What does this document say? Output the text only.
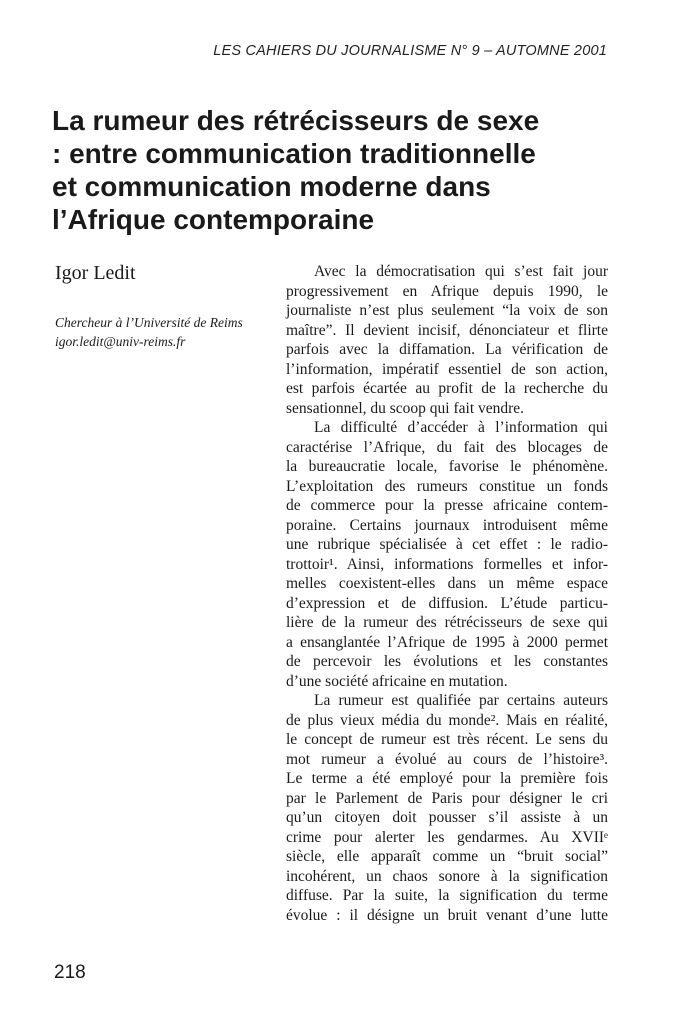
LES CAHIERS DU JOURNALISME N° 9 – AUTOMNE 2001
La rumeur des rétrécisseurs de sexe
: entre communication traditionnelle
et communication moderne dans
l’Afrique contemporaine
Igor Ledit
Chercheur à l’Université de Reims
igor.ledit@univ-reims.fr
Avec la démocratisation qui s’est fait jour
progressivement en Afrique depuis 1990, le
journaliste n’est plus seulement “la voix de son
maître”. Il devient incisif, dénonciateur et flirte
parfois avec la diffamation. La vérification de
l’information, impératif essentiel de son action,
est parfois écartée au profit de la recherche du
sensationnel, du scoop qui fait vendre.
La difficulté d’accéder à l’information qui
caractérise l’Afrique, du fait des blocages de
la bureaucratie locale, favorise le phénomène.
L’exploitation des rumeurs constitue un fonds
de commerce pour la presse africaine contem-
poraine. Certains journaux introduisent même
une rubrique spécialisée à cet effet : le radio-
trottoir¹. Ainsi, informations formelles et infor-
melles coexistent-elles dans un même espace
d’expression et de diffusion. L’étude particu-
lière de la rumeur des rétrécisseurs de sexe qui
a ensanglantée l’Afrique de 1995 à 2000 permet
de percevoir les évolutions et les constantes
d’une société africaine en mutation.
La rumeur est qualifiée par certains auteurs
de plus vieux média du monde². Mais en réalité,
le concept de rumeur est très récent. Le sens du
mot rumeur a évolué au cours de l’histoire³.
Le terme a été employé pour la première fois
par le Parlement de Paris pour désigner le cri
qu’un citoyen doit pousser s’il assiste à un
crime pour alerter les gendarmes. Au XVIIᵉ
siècle, elle apparaît comme un “bruit social”
incohérent, un chaos sonore à la signification
diffuse. Par la suite, la signification du terme
évolue : il désigne un bruit venant d’une lutte
218
